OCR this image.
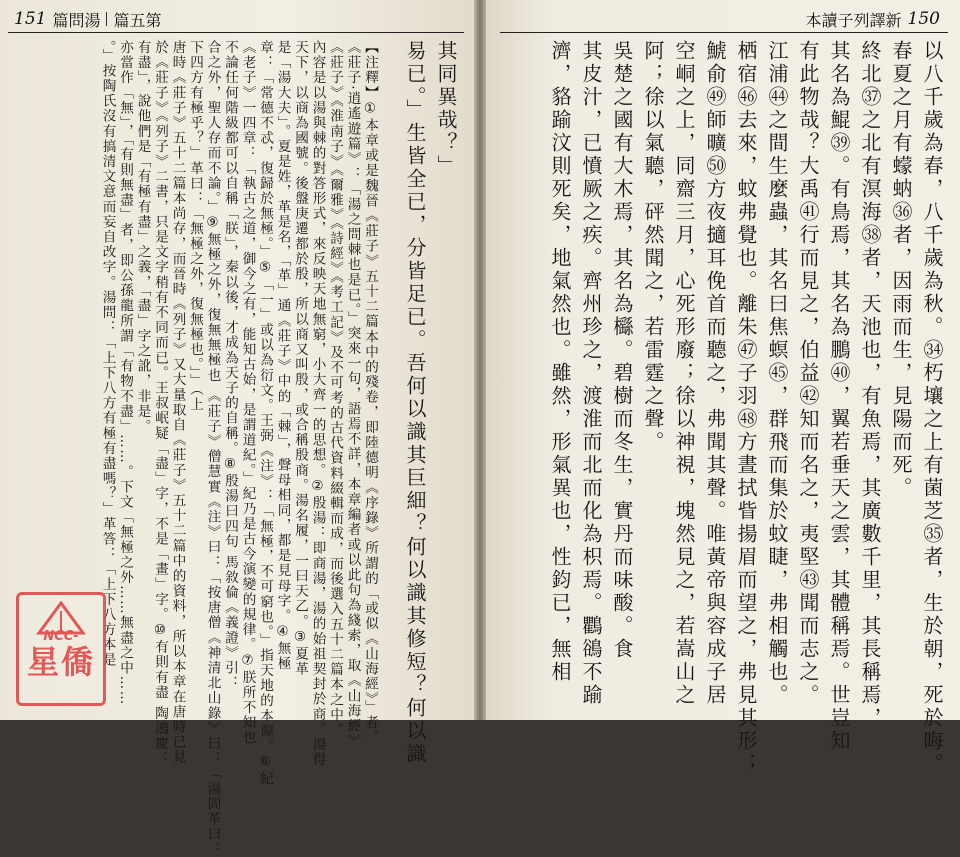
151 篇問湯 篇五第
其同異哉？」
易已。」生皆全已，分皆足已。吾何以識其巨細？何以識其修短？何以識
【注釋】①本章或是魏晉《莊子》五十二篇本中的殘卷，即陸德明《序錄》所謂的「或似《山海經》」者。
《莊子‧逍遙遊篇》：「湯之問棘也是已。」突來一句，語焉不詳，本章編者或以此句為綫索，取《山海經》
《莊子》《淮南子》《爾雅》《詩經》《考工記》及不可考的古代資料綴輯而成，而後選入五十二篇本之中。
內容是以湯與棘的對答形式，來反映天地無窮，小大齊一的思想。②殷湯：即商湯，湯的始祖契封於商。湯得
天下，以商為國號。後盤庚遷都於殷，所以商又叫殷，或合稱殷商。湯名履，一曰天乙。③夏革
是「湯大夫」。夏是姓，革是名，「革」通《莊子》中的「棘」，聲母相同，都是見母字。④無極
章：「常德不忒，復歸於無極。」⑤「一」或以為衍文。王弼《注》：「無極，不可窮也。」指天地的本源。⑥紀
《老子》一四章：「執古之道，御今之有，能知古始，是謂道紀。」紀乃是古今演變的規律。⑦朕所不知也
不論任何階級都可以自稱「朕」，秦以後，才成為天子的自稱。⑧殷湯曰四句 馬敘倫《義證》引：
合之外，聖人存而不論。」⑨無極之外，復無無極也 《莊子》僧慧實《注》曰：「按唐僧《神清北山錄》曰：「湯問革曰：
下四方有極乎？」革曰：「無極之外，復無極也。」」（上
唐時《莊子》五十二篇本尚存，而晉時《列子》又大量取自《莊子》五十二篇中的資料，所以本章在唐時已見
於《莊子》《列子》二書，只是文字稍有不同而已。王叔岷疑「盡」字，不是「畫」字。⑩有則有盡 陶鴻慶：
有盡」，說他們是「有極有盡」之義，「盡」字之訛，非是。
亦當作「無」，「有則無盡」者，即公孫龍所謂「有物不盡」……。下文「無極之外……無盡之中……
。」按陶氏沒有搞清文意而妄自改字。湯問：「上下八方有極有盡嗎？」革答：「上下八方本是
NCC-
星僑
本讀子列譯新 150
以八千歲為春，八千歲為秋。㉞朽壤之上有菌芝㉟者，生於朝，死於晦。
春夏之月有蠓蚋㊱者，因雨而生，見陽而死。
終北㊲之北有溟海㊳者，天池也，有魚焉，其廣數千里，其長稱焉，
其名為鯤㊴。有鳥焉，其名為鵬㊵，翼若垂天之雲，其體稱焉。世豈知
有此物哉？大禹㊶行而見之，伯益㊷知而名之，夷堅㊸聞而志之。
江浦㊹之間生麼蟲，其名曰焦螟㊺，群飛而集於蚊睫，弗相觸也。
栖宿㊻去來，蚊弗覺也。離朱㊼子羽㊽方晝拭眥揚眉而望之，弗見其形；
鯱俞㊾師曠㊿方夜擿耳俛首而聽之，弗聞其聲。唯黃帝與容成子居
空峒之上，同齋三月，心死形廢；徐以神視，塊然見之，若嵩山之
阿；徐以氣聽，砰然聞之，若雷霆之聲。
吳楚之國有大木焉，其名為櫾。碧樹而冬生，實丹而味酸。食
其皮汁，已憤厥之疾。齊州珍之，渡淮而北而化為枳焉。鸜鵒不踰
濟，貉踰汶則死矣，地氣然也。雖然，形氣異也，性鈞已，無相
